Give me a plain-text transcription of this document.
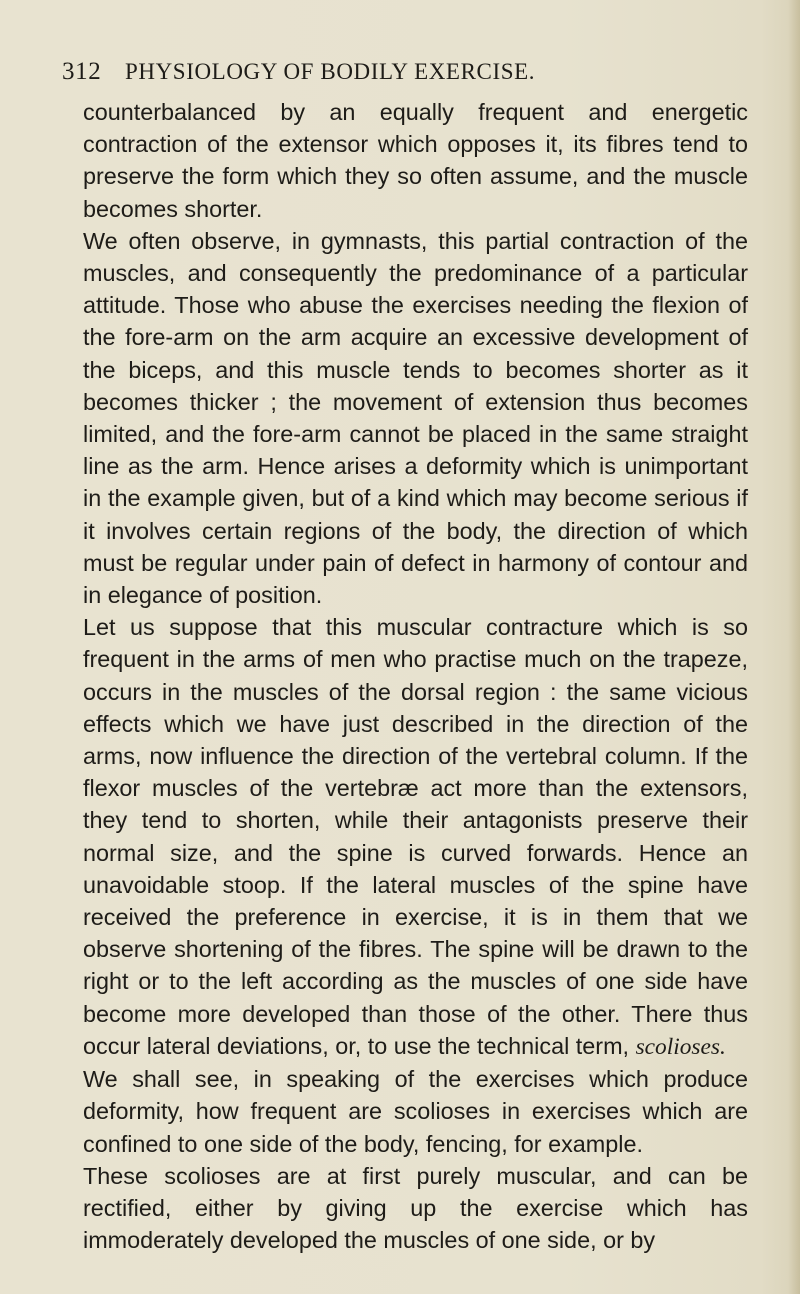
312 PHYSIOLOGY OF BODILY EXERCISE.

counterbalanced by an equally frequent and energetic contraction of the extensor which opposes it, its fibres tend to preserve the form which they so often assume, and the muscle becomes shorter.

We often observe, in gymnasts, this partial contraction of the muscles, and consequently the predominance of a particular attitude. Those who abuse the exercises needing the flexion of the fore-arm on the arm acquire an excessive development of the biceps, and this muscle tends to becomes shorter as it becomes thicker ; the movement of extension thus becomes limited, and the fore-arm cannot be placed in the same straight line as the arm. Hence arises a deformity which is unimportant in the example given, but of a kind which may become serious if it involves certain regions of the body, the direction of which must be regular under pain of defect in harmony of contour and in elegance of position.

Let us suppose that this muscular contracture which is so frequent in the arms of men who practise much on the trapeze, occurs in the muscles of the dorsal region : the same vicious effects which we have just described in the direction of the arms, now influence the direction of the vertebral column. If the flexor muscles of the vertebræ act more than the extensors, they tend to shorten, while their antagonists preserve their normal size, and the spine is curved forwards. Hence an unavoidable stoop. If the lateral muscles of the spine have received the preference in exercise, it is in them that we observe shortening of the fibres. The spine will be drawn to the right or to the left according as the muscles of one side have become more developed than those of the other. There thus occur lateral deviations, or, to use the technical term, scolioses.

We shall see, in speaking of the exercises which produce deformity, how frequent are scolioses in exercises which are confined to one side of the body, fencing, for example.

These scolioses are at first purely muscular, and can be rectified, either by giving up the exercise which has immoderately developed the muscles of one side, or by
